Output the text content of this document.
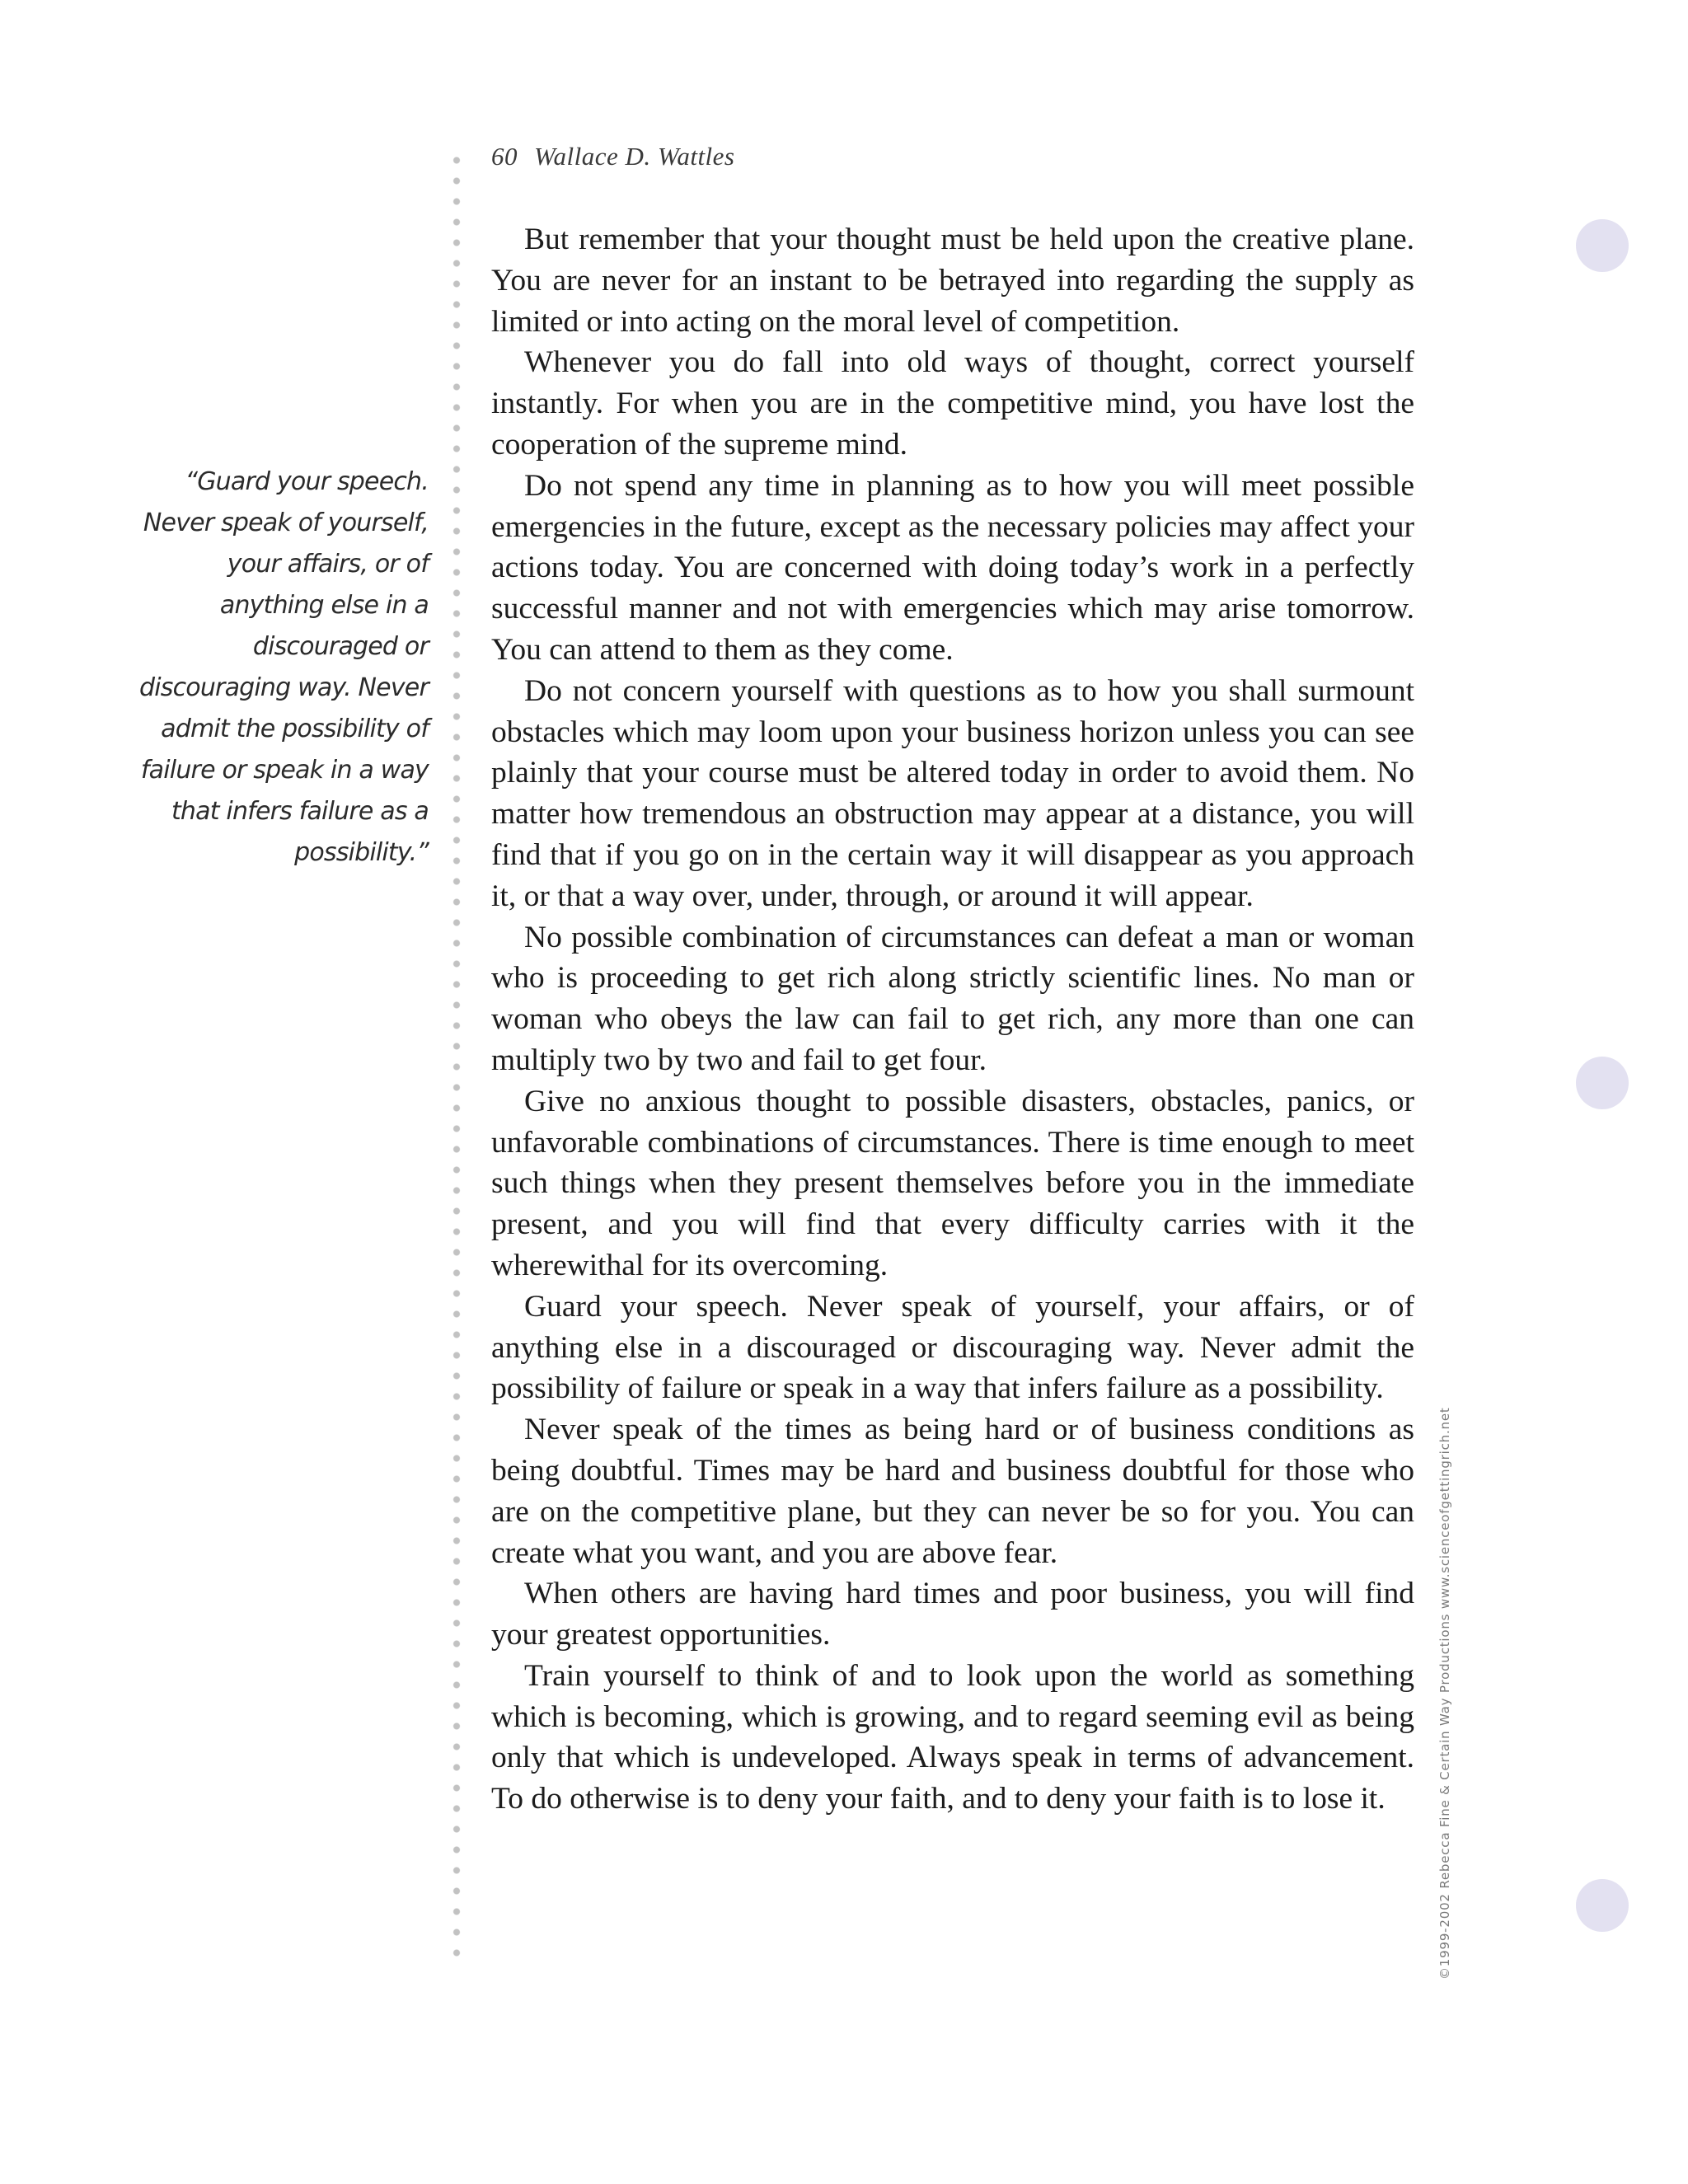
60 Wallace D. Wattles
“Guard your speech.
Never speak of yourself,
your affairs, or of
anything else in a
discouraged or
discouraging way. Never
admit the possibility of
failure or speak in a way
that infers failure as a
possibility.”

But remember that your thought must be held upon the creative plane. You are never for an instant to be betrayed into regarding the supply as limited or into acting on the moral level of competition.

Whenever you do fall into old ways of thought, correct yourself instantly. For when you are in the competitive mind, you have lost the cooperation of the supreme mind.

Do not spend any time in planning as to how you will meet possible emergencies in the future, except as the necessary policies may affect your actions today. You are concerned with doing today’s work in a perfectly successful manner and not with emergencies which may arise tomorrow. You can attend to them as they come.

Do not concern yourself with questions as to how you shall surmount obstacles which may loom upon your business horizon unless you can see plainly that your course must be altered today in order to avoid them. No matter how tremendous an obstruction may appear at a distance, you will find that if you go on in the certain way it will disappear as you approach it, or that a way over, under, through, or around it will appear.

No possible combination of circumstances can defeat a man or woman who is proceeding to get rich along strictly scientific lines. No man or woman who obeys the law can fail to get rich, any more than one can multiply two by two and fail to get four.

Give no anxious thought to possible disasters, obstacles, panics, or unfavorable combinations of circumstances. There is time enough to meet such things when they present themselves before you in the immediate present, and you will find that every difficulty carries with it the wherewithal for its overcoming.

Guard your speech. Never speak of yourself, your affairs, or of anything else in a discouraged or discouraging way. Never admit the possibility of failure or speak in a way that infers failure as a possibility.

Never speak of the times as being hard or of business conditions as being doubtful. Times may be hard and business doubtful for those who are on the competitive plane, but they can never be so for you. You can create what you want, and you are above fear.

When others are having hard times and poor business, you will find your greatest opportunities.

Train yourself to think of and to look upon the world as something which is becoming, which is growing, and to regard seeming evil as being only that which is undeveloped. Always speak in terms of advancement. To do otherwise is to deny your faith, and to deny your faith is to lose it.	©1999-2002 Rebecca Fine & Certain Way Productions www.scienceofgettingrich.net
